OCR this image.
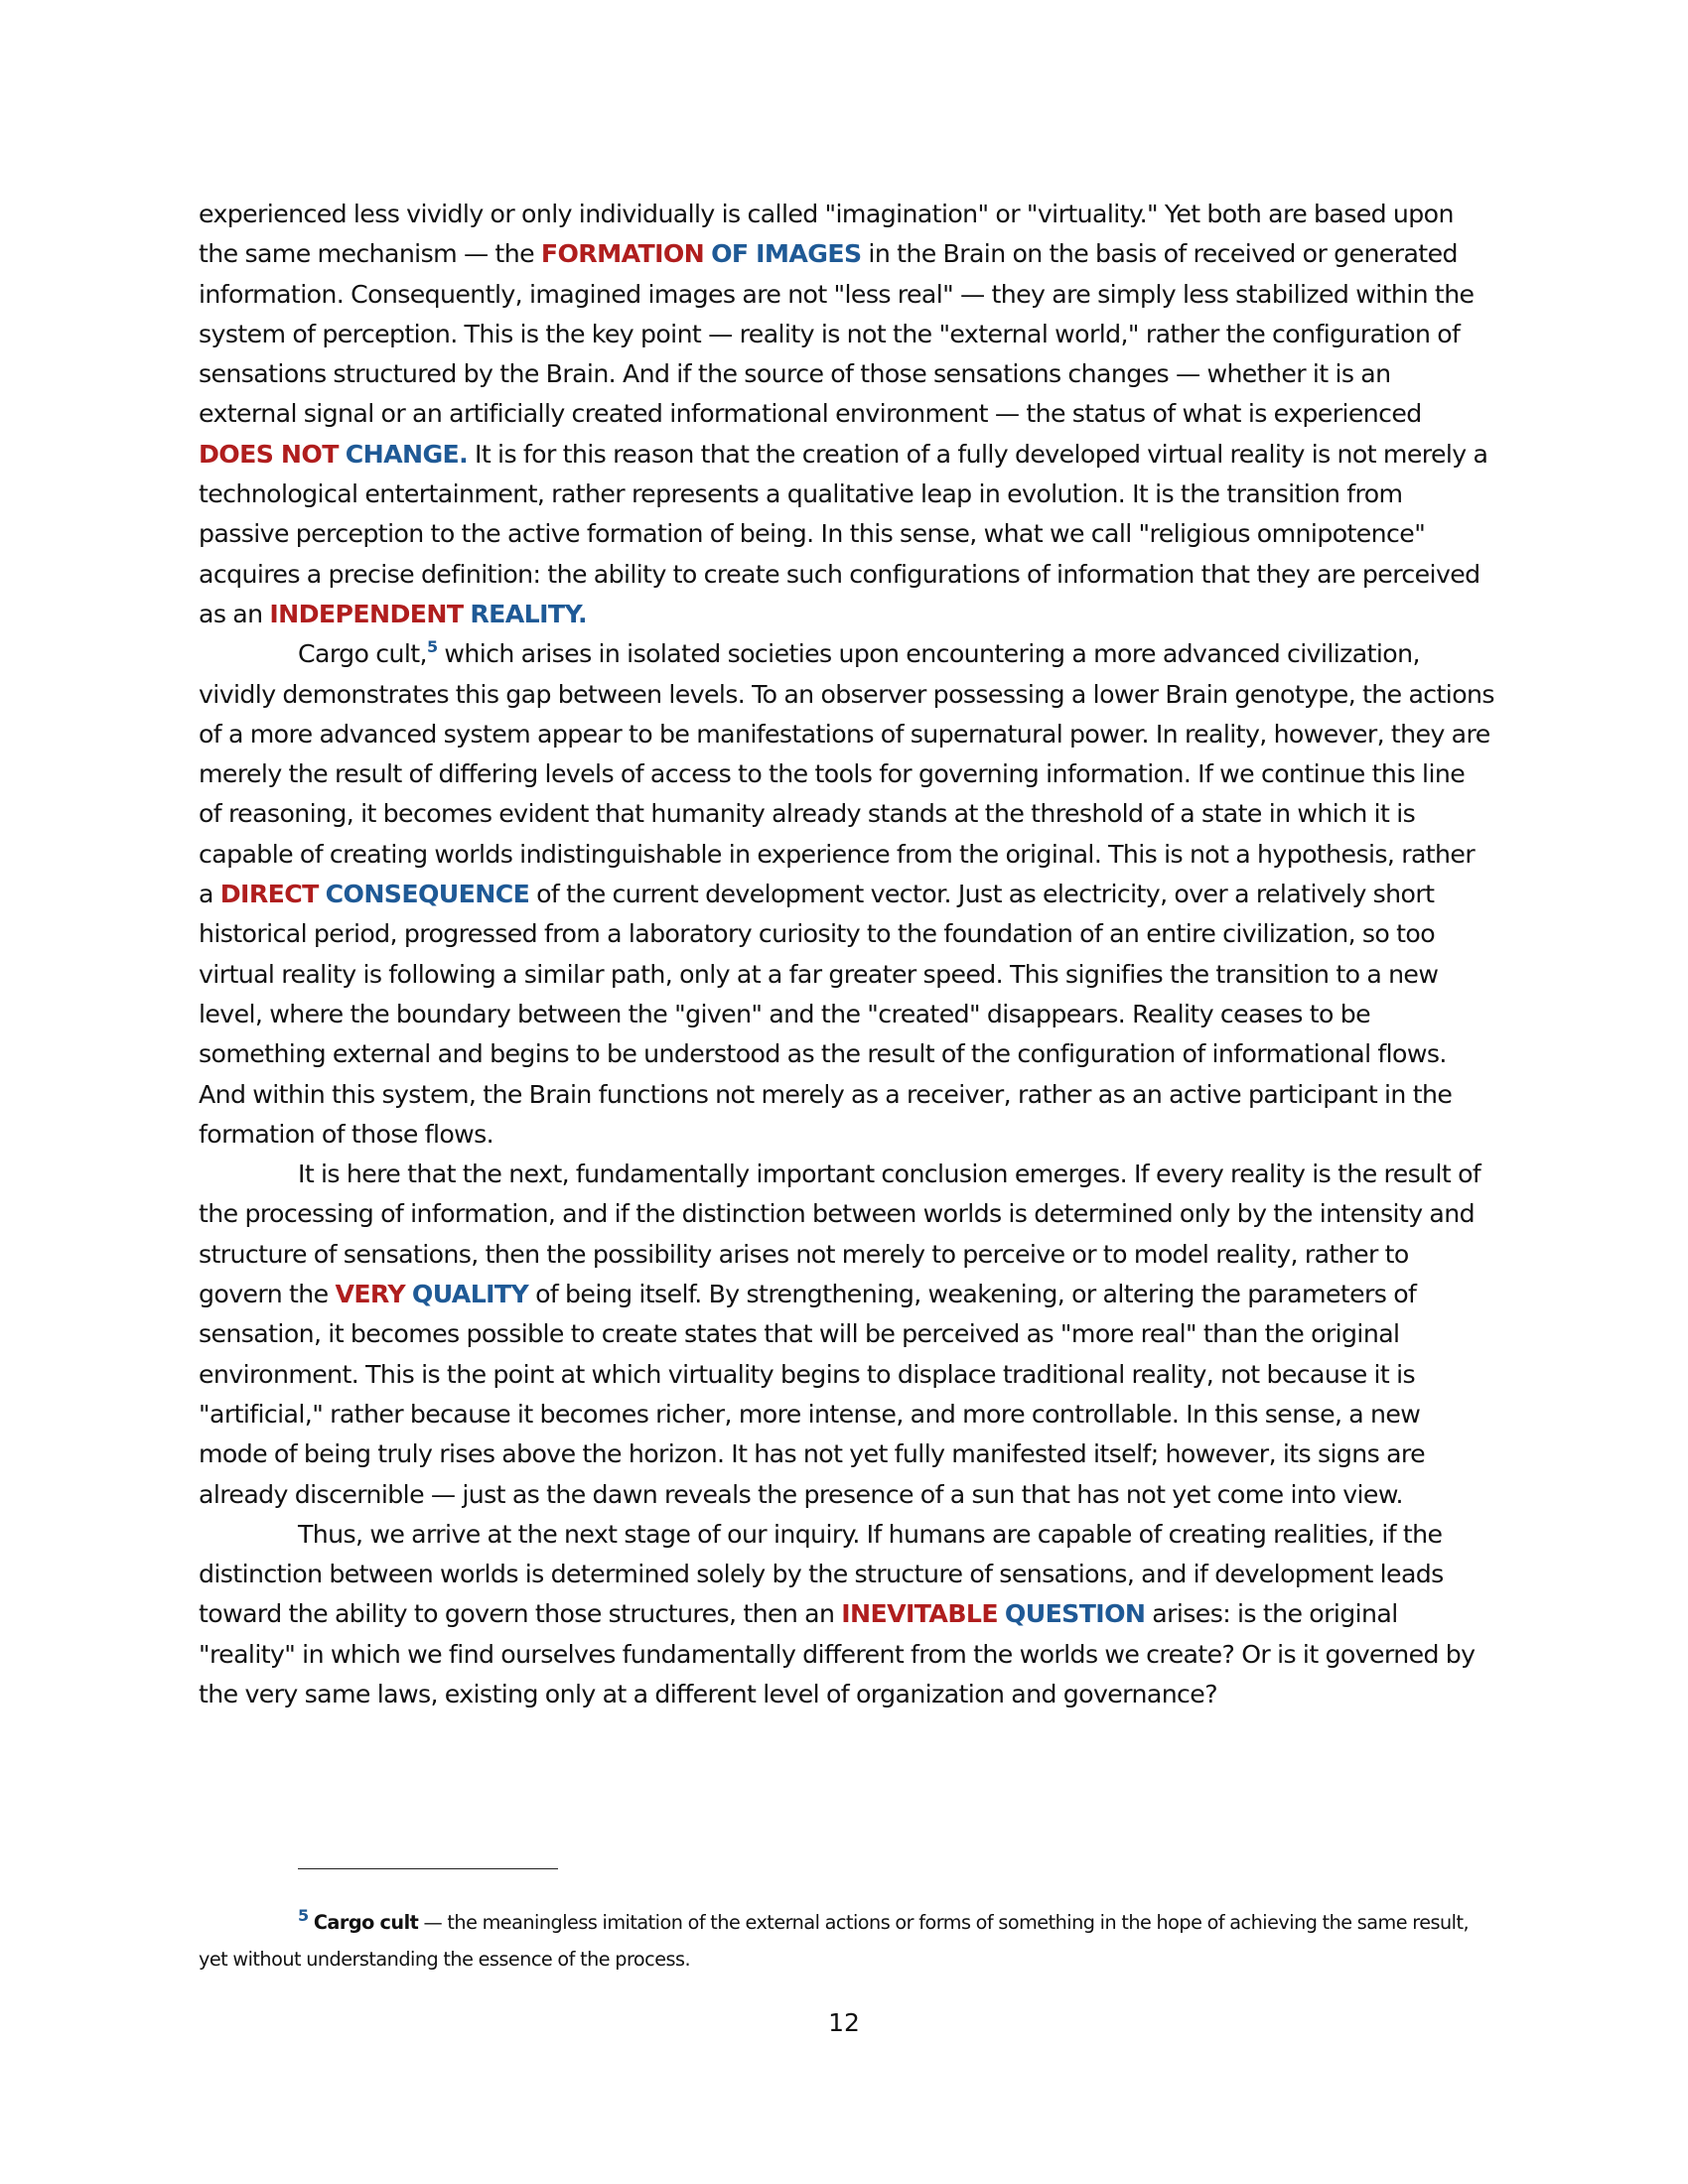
experienced less vividly or only individually is called "imagination" or "virtuality." Yet both are based upon the same mechanism — the FORMATION OF IMAGES in the Brain on the basis of received or generated information. Consequently, imagined images are not "less real" — they are simply less stabilized within the system of perception. This is the key point — reality is not the "external world," rather the configuration of sensations structured by the Brain. And if the source of those sensations changes — whether it is an external signal or an artificially created informational environment — the status of what is experienced DOES NOT CHANGE. It is for this reason that the creation of a fully developed virtual reality is not merely a technological entertainment, rather represents a qualitative leap in evolution. It is the transition from passive perception to the active formation of being. In this sense, what we call "religious omnipotence" acquires a precise definition: the ability to create such configurations of information that they are perceived as an INDEPENDENT REALITY.

Cargo cult,$^5$ which arises in isolated societies upon encountering a more advanced civilization, vividly demonstrates this gap between levels. To an observer possessing a lower Brain genotype, the actions of a more advanced system appear to be manifestations of supernatural power. In reality, however, they are merely the result of differing levels of access to the tools for governing information. If we continue this line of reasoning, it becomes evident that humanity already stands at the threshold of a state in which it is capable of creating worlds indistinguishable in experience from the original. This is not a hypothesis, rather a DIRECT CONSEQUENCE of the current development vector. Just as electricity, over a relatively short historical period, progressed from a laboratory curiosity to the foundation of an entire civilization, so too virtual reality is following a similar path, only at a far greater speed. This signifies the transition to a new level, where the boundary between the "given" and the "created" disappears. Reality ceases to be something external and begins to be understood as the result of the configuration of informational flows. And within this system, the Brain functions not merely as a receiver, rather as an active participant in the formation of those flows.

It is here that the next, fundamentally important conclusion emerges. If every reality is the result of the processing of information, and if the distinction between worlds is determined only by the intensity and structure of sensations, then the possibility arises not merely to perceive or to model reality, rather to govern the VERY QUALITY of being itself. By strengthening, weakening, or altering the parameters of sensation, it becomes possible to create states that will be perceived as "more real" than the original environment. This is the point at which virtuality begins to displace traditional reality, not because it is "artificial," rather because it becomes richer, more intense, and more controllable. In this sense, a new mode of being truly rises above the horizon. It has not yet fully manifested itself; however, its signs are already discernible — just as the dawn reveals the presence of a sun that has not yet come into view.

Thus, we arrive at the next stage of our inquiry. If humans are capable of creating realities, if the distinction between worlds is determined solely by the structure of sensations, and if development leads toward the ability to govern those structures, then an INEVITABLE QUESTION arises: is the original "reality" in which we find ourselves fundamentally different from the worlds we create? Or is it governed by the very same laws, existing only at a different level of organization and governance?

$^5$ Cargo cult — the meaningless imitation of the external actions or forms of something in the hope of achieving the same result, yet without understanding the essence of the process.

12
